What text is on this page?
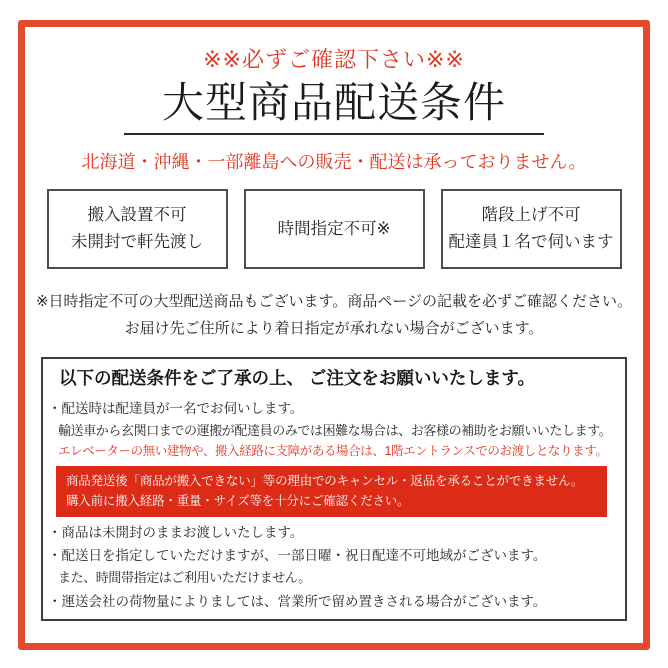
※※必ずご確認下さい※※
大型商品配送条件
北海道・沖縄・一部離島への販売・配送は承っておりません。
搬入設置不可
未開封で軒先渡し
時間指定不可※
階段上げ不可
配達員１名で伺います
※日時指定不可の大型配送商品もございます。商品ページの記載を必ずご確認ください。
お届け先ご住所により着日指定が承れない場合がございます。
以下の配送条件をご了承の上、 ご注文をお願いいたします。
・配送時は配達員が一名でお伺いします。
輸送車から玄関口までの運搬が配達員のみでは困難な場合は、お客様の補助をお願いいたします。
エレベーターの無い建物や、搬入経路に支障がある場合は、1階エントランスでのお渡しとなります。
商品発送後「商品が搬入できない」等の理由でのキャンセル・返品を承ることができません。
購入前に搬入経路・重量・サイズ等を十分にご確認ください。
・商品は未開封のままお渡しいたします。
・配送日を指定していただけますが、一部日曜・祝日配達不可地域がございます。
また、時間帯指定はご利用いただけません。
・運送会社の荷物量によりましては、営業所で留め置きされる場合がございます。
